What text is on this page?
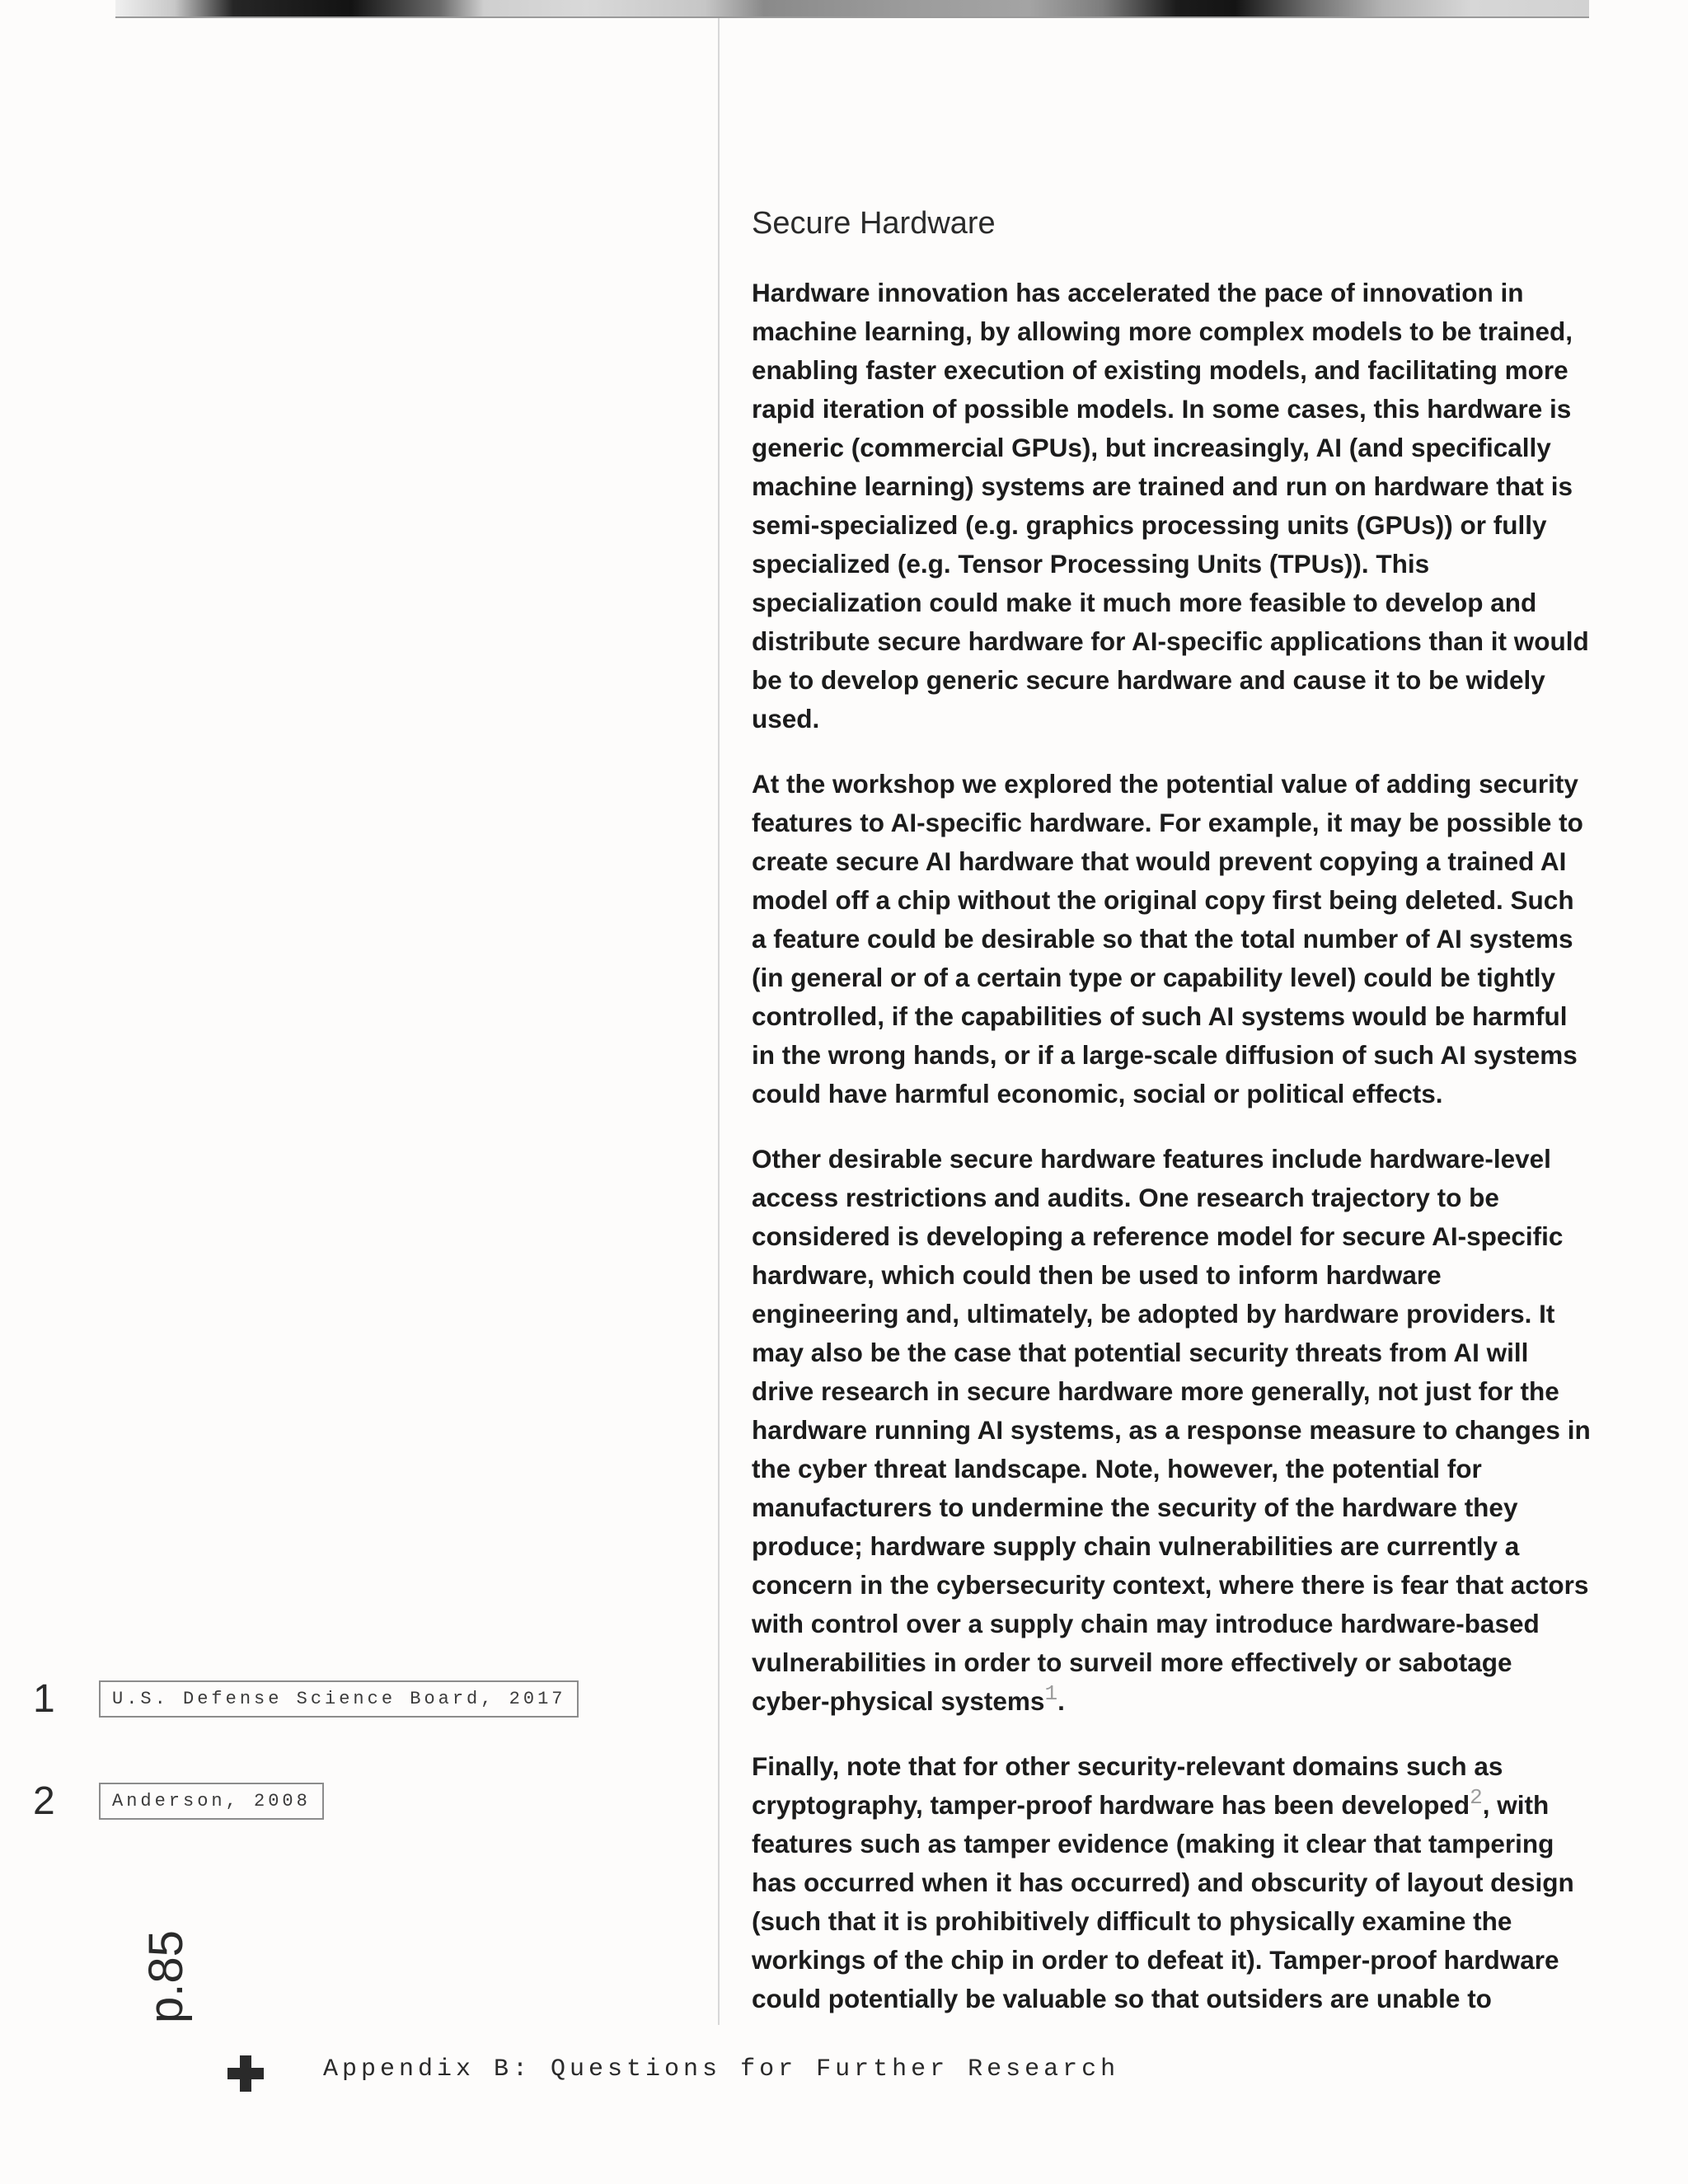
Secure Hardware

Hardware innovation has accelerated the pace of innovation in machine learning, by allowing more complex models to be trained, enabling faster execution of existing models, and facilitating more rapid iteration of possible models. In some cases, this hardware is generic (commercial GPUs), but increasingly, AI (and specifically machine learning) systems are trained and run on hardware that is semi-specialized (e.g. graphics processing units (GPUs)) or fully specialized (e.g. Tensor Processing Units (TPUs)). This specialization could make it much more feasible to develop and distribute secure hardware for AI-specific applications than it would be to develop generic secure hardware and cause it to be widely used.

At the workshop we explored the potential value of adding security features to AI-specific hardware. For example, it may be possible to create secure AI hardware that would prevent copying a trained AI model off a chip without the original copy first being deleted. Such a feature could be desirable so that the total number of AI systems (in general or of a certain type or capability level) could be tightly controlled, if the capabilities of such AI systems would be harmful in the wrong hands, or if a large-scale diffusion of such AI systems could have harmful economic, social or political effects.

Other desirable secure hardware features include hardware-level access restrictions and audits. One research trajectory to be considered is developing a reference model for secure AI-specific hardware, which could then be used to inform hardware engineering and, ultimately, be adopted by hardware providers. It may also be the case that potential security threats from AI will drive research in secure hardware more generally, not just for the hardware running AI systems, as a response measure to changes in the cyber threat landscape. Note, however, the potential for manufacturers to undermine the security of the hardware they produce; hardware supply chain vulnerabilities are currently a concern in the cybersecurity context, where there is fear that actors with control over a supply chain may introduce hardware-based vulnerabilities in order to surveil more effectively or sabotage cyber-physical systems$^1$.

Finally, note that for other security-relevant domains such as cryptography, tamper-proof hardware has been developed$^2$, with features such as tamper evidence (making it clear that tampering has occurred when it has occurred) and obscurity of layout design (such that it is prohibitively difficult to physically examine the workings of the chip in order to defeat it). Tamper-proof hardware could potentially be valuable so that outsiders are unable to

1	U.S. Defense Science Board, 2017
2	Anderson, 2008
p.85
Appendix B: Questions for Further Research
